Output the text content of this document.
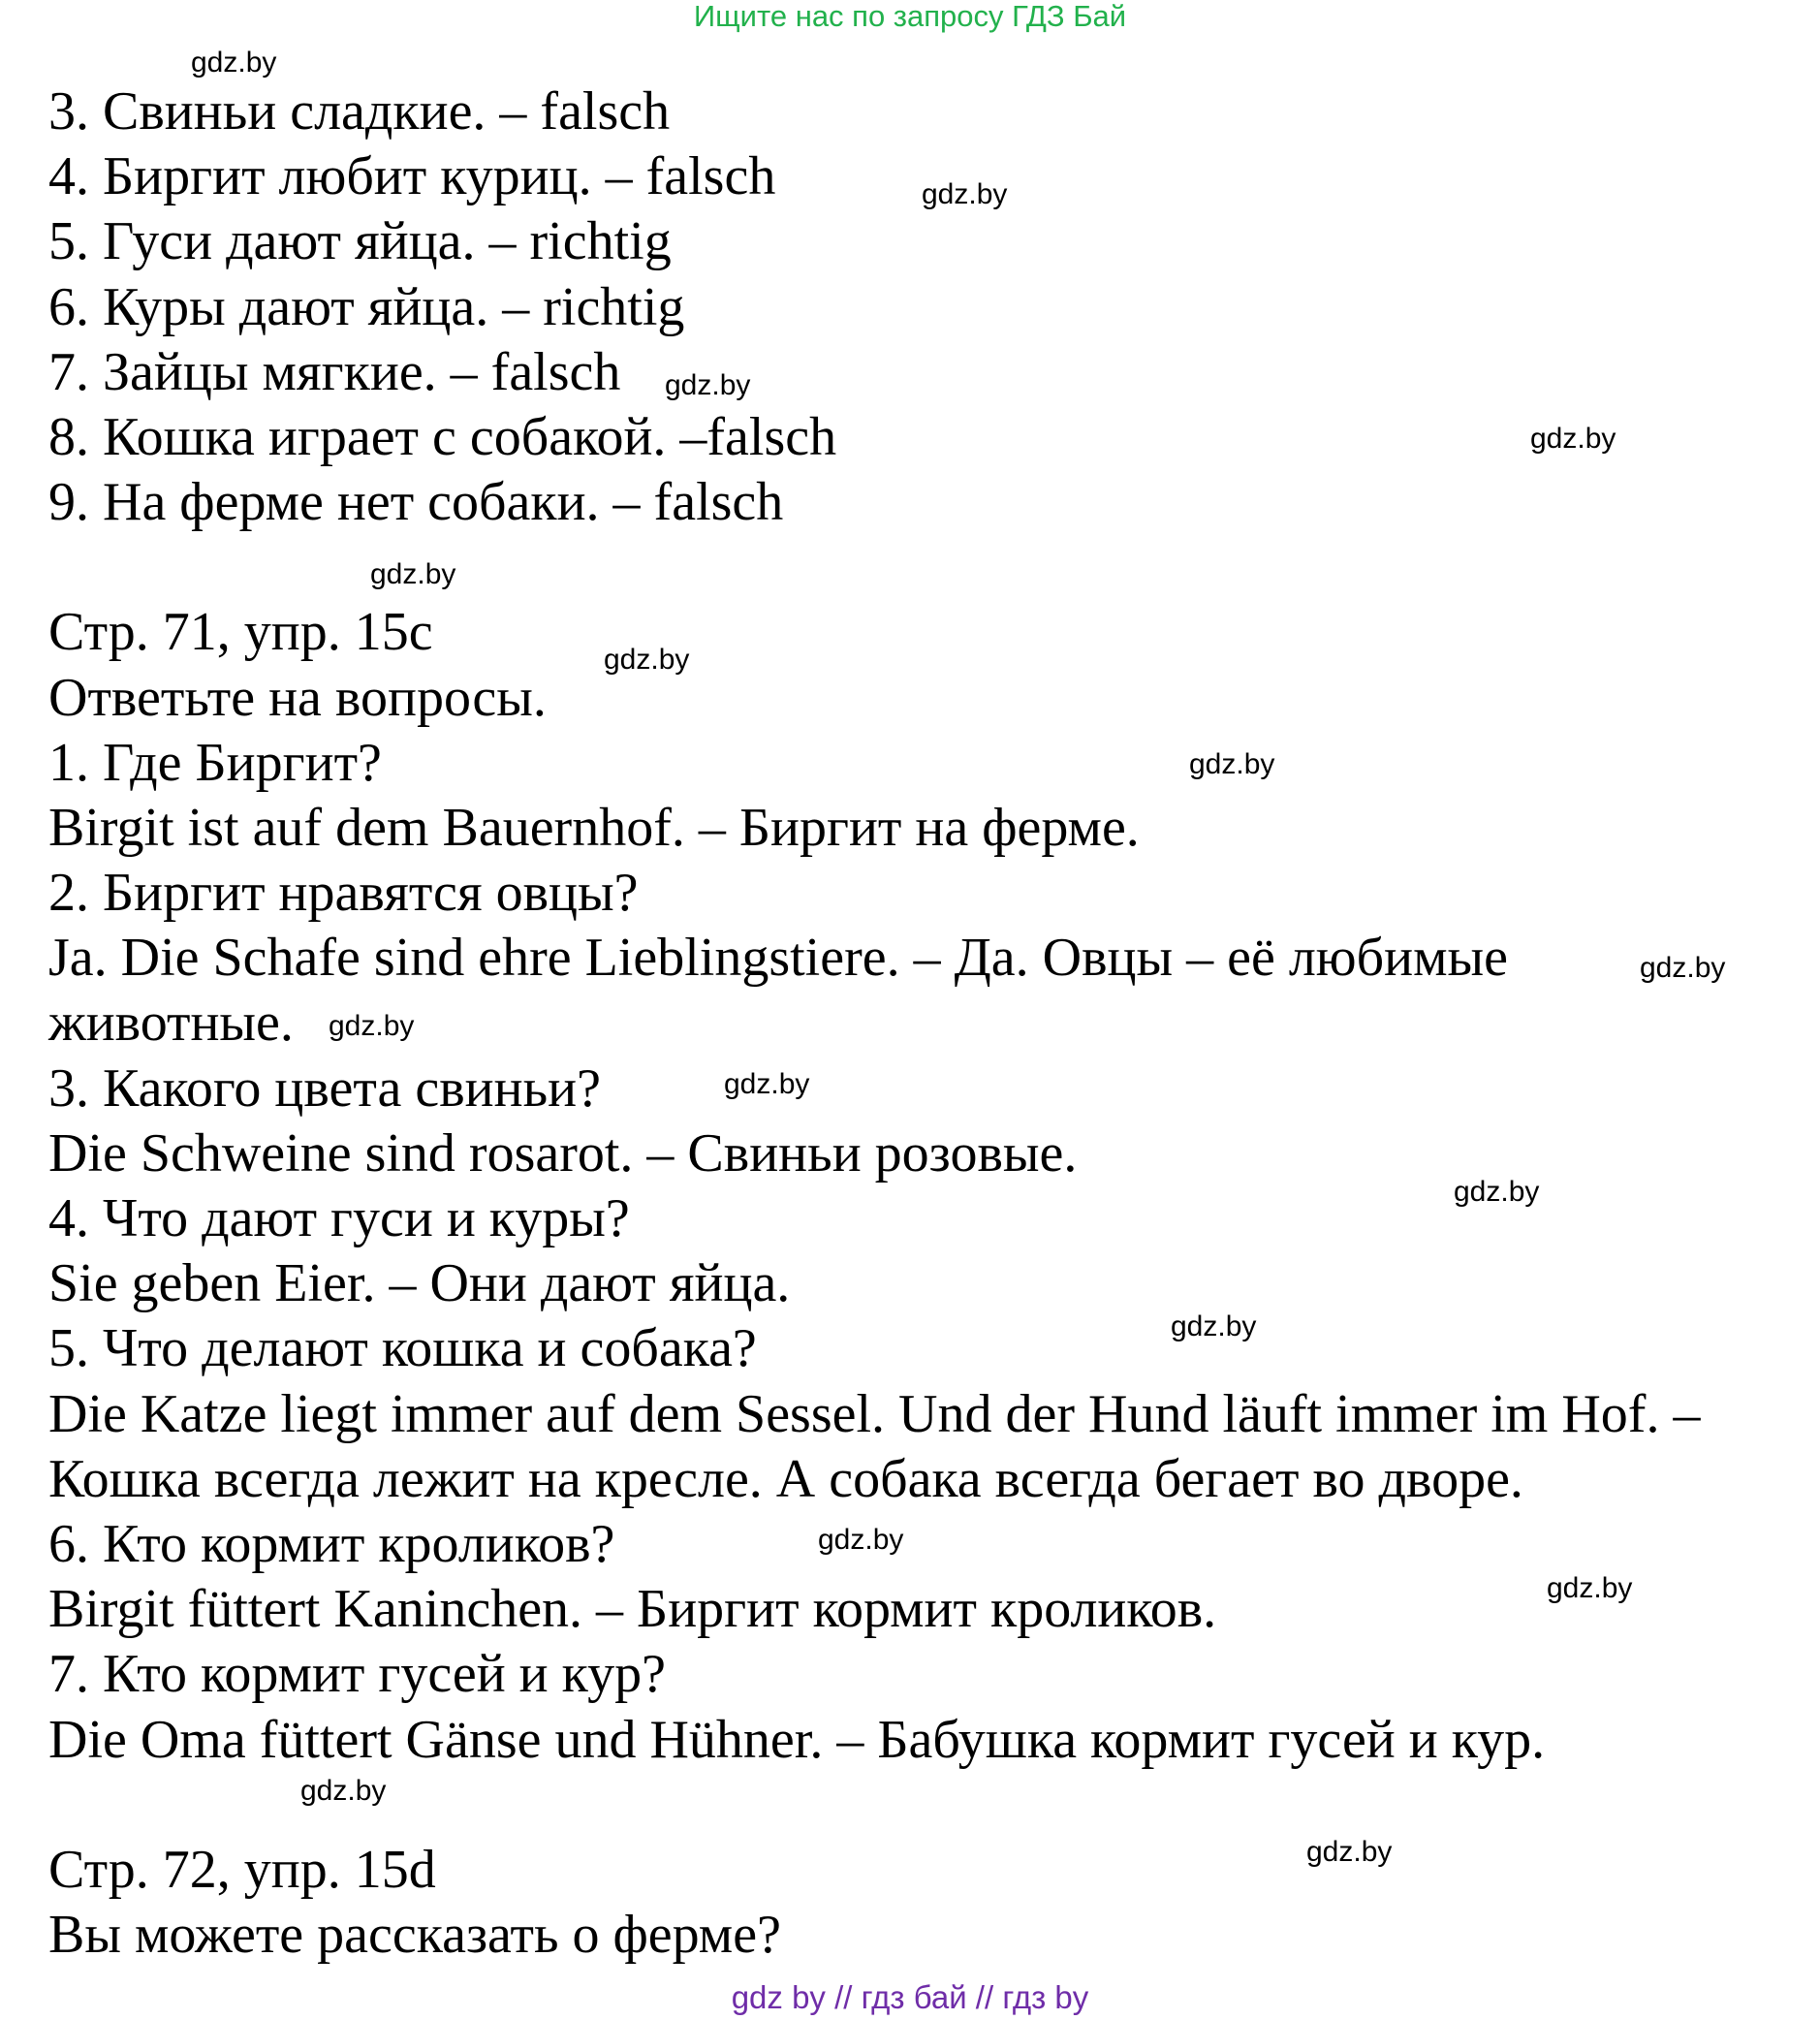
Ищите нас по запросу ГДЗ Бай
3. Свиньи сладкие. – falsch
4. Биргит любит куриц. – falsch
5. Гуси дают яйца. – richtig
6. Куры дают яйца. – richtig
7. Зайцы мягкие. – falsch
8. Кошка играет с собакой. –falsch
9. На ферме нет собаки. – falsch
Стр. 71, упр. 15c
Ответьте на вопросы.
1. Где Биргит?
Birgit ist auf dem Bauernhof. – Биргит на ферме.
2. Биргит нравятся овцы?
Ja. Die Schafe sind ehre Lieblingstiere. – Да. Овцы – её любимые
животные.
3. Какого цвета свиньи?
Die Schweine sind rosarot. – Свиньи розовые.
4. Что дают гуси и куры?
Sie geben Eier. – Они дают яйца.
5. Что делают кошка и собака?
Die Katze liegt immer auf dem Sessel. Und der Hund läuft immer im Hof. –
Кошка всегда лежит на кресле. А собака всегда бегает во дворе.
6. Кто кормит кроликов?
Birgit füttert Kaninchen. – Биргит кормит кроликов.
7. Кто кормит гусей и кур?
Die Oma füttert Gänse und Hühner. – Бабушка кормит гусей и кур.
Стр. 72, упр. 15d
Вы можете рассказать о ферме?
gdz.by
gdz.by
gdz.by
gdz.by
gdz.by
gdz.by
gdz.by
gdz.by
gdz.by
gdz.by
gdz.by
gdz.by
gdz.by
gdz.by
gdz.by
gdz.by
gdz by // гдз бай // гдз by
